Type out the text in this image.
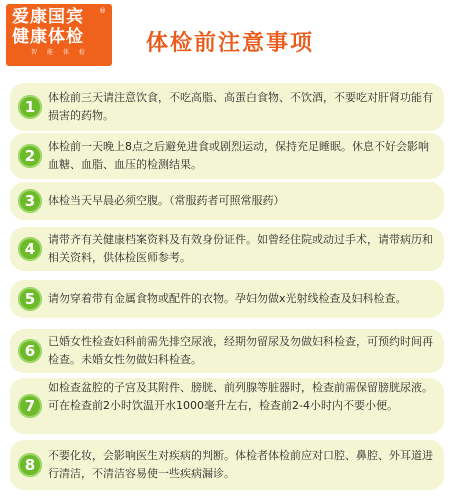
®
爱康国宾
健康体检
智 能 体 检	体检前注意事项
1
体检前三天请注意饮食，不吃高脂、高蛋白食物、不饮酒，不要吃对肝肾功能有损害的药物。
2
体检前一天晚上8点之后避免进食或剧烈运动，保持充足睡眠。休息不好会影响血糖、血脂、血压的检测结果。
3	体检当天早晨必须空腹。（常服药者可照常服药）
4
请带齐有关健康档案资料及有效身份证件。如曾经住院或动过手术，请带病历和相关资料，供体检医师参考。
5	请勿穿着带有金属食物或配件的衣物。孕妇勿做x光射线检查及妇科检查。
6
已婚女性检查妇科前需先排空尿液，经期勿留尿及勿做妇科检查，可预约时间再检查。未婚女性勿做妇科检查。
7
如检查盆腔的子宫及其附件、膀胱、前列腺等脏器时，检查前需保留膀胱尿液。可在检查前2小时饮温开水1000毫升左右，检查前2-4小时内不要小便。
8
不要化妆，会影响医生对疾病的判断。体检者体检前应对口腔、鼻腔、外耳道进行清洁，不清洁容易使一些疾病漏诊。
